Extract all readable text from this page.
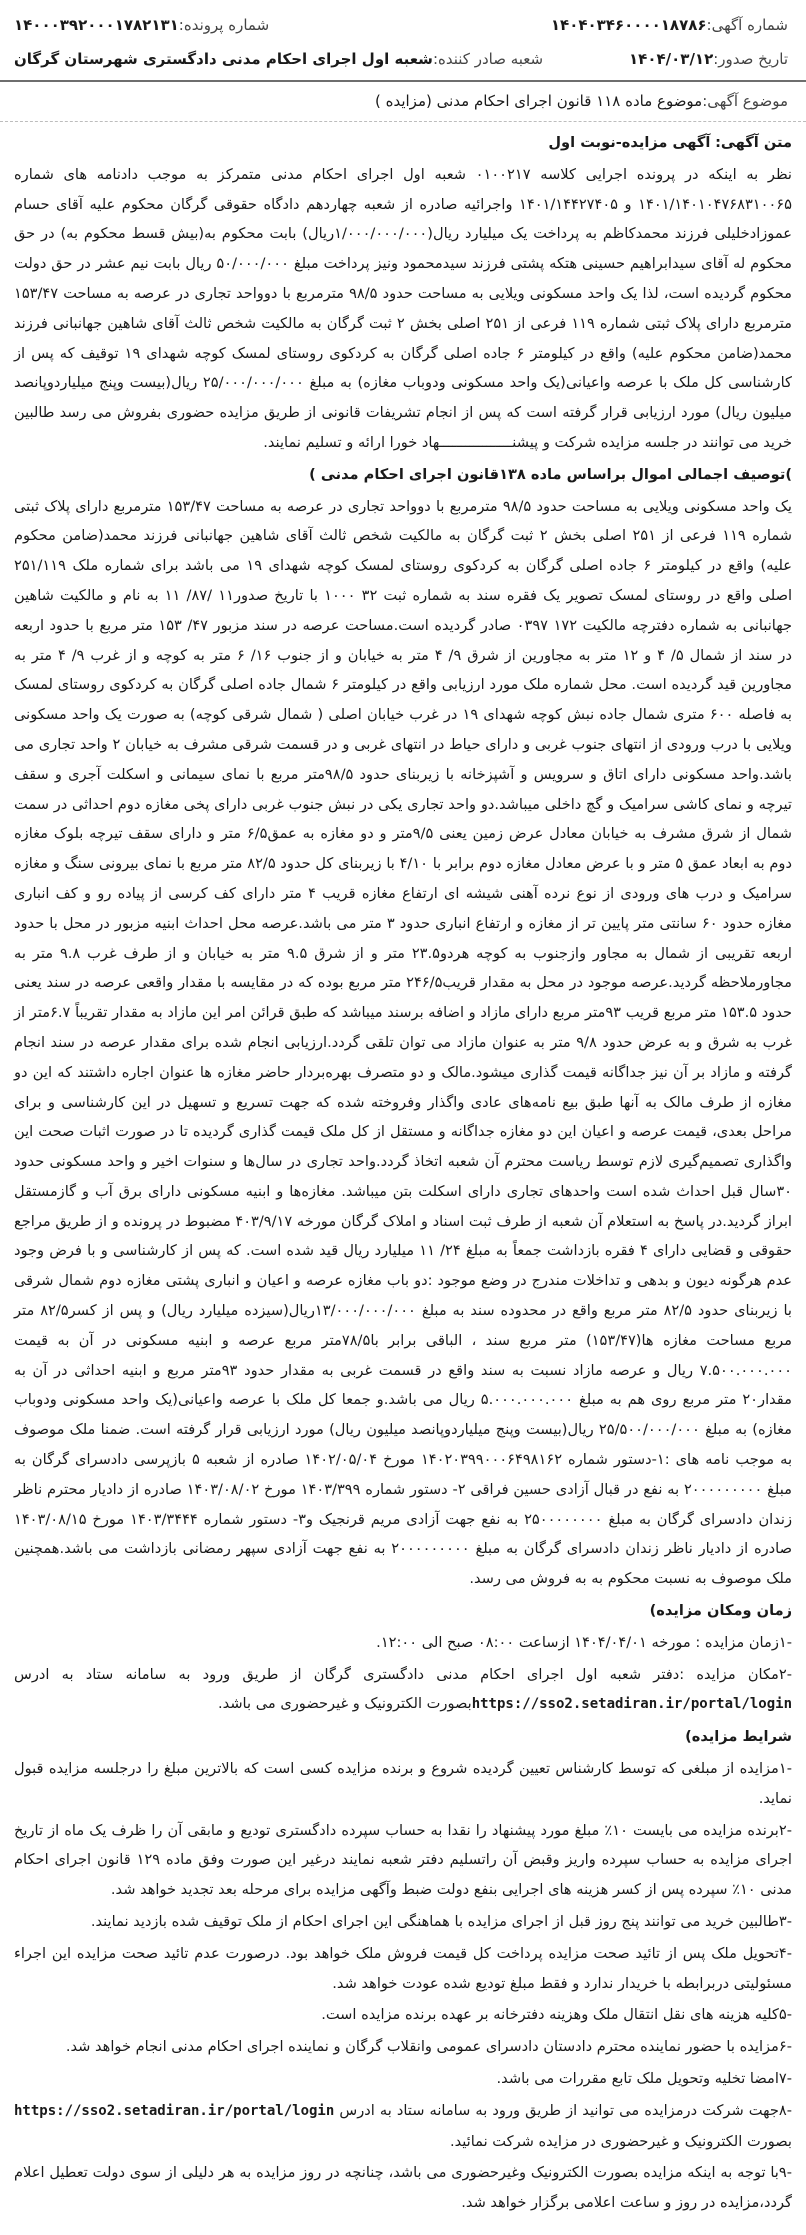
شماره آگهی:
۱۴۰۴۰۳۴۶۰۰۰۰۱۸۷۸۶
شماره پرونده:
۱۴۰۰۰۳۹۲۰۰۰۱۷۸۲۱۳۱
تاریخ صدور:
۱۴۰۴/۰۳/۱۲
شعبه صادر کننده:
شعبه اول اجرای احکام مدنی دادگستری شهرستان گرگان
موضوع آگهی:
موضوع ماده ۱۱۸ قانون اجرای احکام مدنی (مزایده )

متن آگهی: آگهی مزایده-نوبت اول

نظر به اینکه در پرونده اجرایی کلاسه ۰۱۰۰۲۱۷ شعبه اول اجرای احکام مدنی متمرکز به موجب دادنامه های شماره ۱۴۰۱/۱۴۰۱۰۴۷۶۸۳۱۰۰۶۵ و ۱۴۰۱/۱۴۴۲۷۴۰۵ واجرائیه صادره از شعبه چهاردهم دادگاه حقوقی گرگان محکوم علیه آقای حسام عموزادخلیلی فرزند محمدکاظم به پرداخت یک میلیارد ریال(۱/۰۰۰/۰۰۰/۰۰۰ریال) بابت محکوم به(بیش قسط محکوم به) در حق محکوم له آقای سیدابراهیم حسینی هتکه پشتی فرزند سیدمحمود ونیز پرداخت مبلغ ۵۰/۰۰۰/۰۰۰ ریال بابت نیم عشر در حق دولت محکوم گردیده است، لذا یک واحد مسکونی ویلایی به مساحت حدود ۹۸/۵ مترمربع با دوواحد تجاری در عرصه به مساحت ۱۵۳/۴۷ مترمربع دارای پلاک ثبتی شماره ۱۱۹ فرعی از ۲۵۱ اصلی بخش ۲ ثبت گرگان به مالکیت شخص ثالث آقای شاهین جهانبانی فرزند محمد(ضامن محکوم علیه) واقع در کیلومتر ۶ جاده اصلی گرگان به کردکوی روستای لمسک کوچه شهدای ۱۹ توقیف که پس از کارشناسی کل ملک با عرصه واعیانی(یک واحد مسکونی ودوباب مغازه) به مبلغ ۲۵/۰۰۰/۰۰۰/۰۰۰ ریال(بیست وپنج میلیاردوپانصد میلیون ریال) مورد ارزیابی قرار گرفته است که پس از انجام تشریفات قانونی از طریق مزایده حضوری بفروش می رسد طالبین خرید می توانند در جلسه مزایده شرکت و پیشنـــــــــــــــــهاد خورا ارائه و تسلیم نمایند.

)توصیف اجمالی اموال براساس ماده ۱۳۸قانون اجرای احکام مدنی )

یک واحد مسکونی ویلایی به مساحت حدود ۹۸/۵ مترمربع با دوواحد تجاری در عرصه به مساحت ۱۵۳/۴۷ مترمربع دارای پلاک ثبتی شماره ۱۱۹ فرعی از ۲۵۱ اصلی بخش ۲ ثبت گرگان به مالکیت شخص ثالث آقای شاهین جهانبانی فرزند محمد(ضامن محکوم علیه) واقع در کیلومتر ۶ جاده اصلی گرگان به کردکوی روستای لمسک کوچه شهدای ۱۹ می باشد برای شماره ملک ۲۵۱/۱۱۹ اصلی واقع در روستای لمسک تصویر یک فقره سند به شماره ثبت ۳۲ ۱۰۰۰ با تاریخ صدور۱۱ /۸۷/ ۱۱ به نام و مالکیت شاهین جهانبانی به شماره دفترچه مالکیت ۱۷۲ ۰۳۹۷ صادر گردیده است.مساحت عرصه در سند مزبور ۴۷/ ۱۵۳ متر مربع با حدود اربعه در سند از شمال ۵/ ۴ و ۱۲ متر به مجاورین از شرق ۹/ ۴ متر به خیابان و از جنوب ۱۶/ ۶ متر به کوچه و از غرب ۹/ ۴ متر به مجاورین قید گردیده است. محل شماره ملک مورد ارزیابی واقع در کیلومتر ۶ شمال جاده اصلی گرگان به کردکوی روستای لمسک به فاصله ۶۰۰ متری شمال جاده نبش کوچه شهدای ۱۹ در غرب خیابان اصلی ( شمال شرقی کوچه) به صورت یک واحد مسکونی ویلایی با درب ورودی از انتهای جنوب غربی و دارای حیاط در انتهای غربی و در قسمت شرقی مشرف به خیابان ۲ واحد تجاری می باشد.واحد مسکونی دارای اتاق و سرویس و آشپزخانه با زیربنای حدود ۹۸/۵متر مربع با نمای سیمانی و اسکلت آجری و سقف تیرچه و نمای کاشی سرامیک و گچ داخلی میباشد.دو واحد تجاری یکی در نبش جنوب غربی دارای پخی مغازه دوم احداثی در سمت شمال از شرق مشرف به خیابان معادل عرض زمین یعنی ۹/۵متر و دو مغازه به عمق۶/۵ متر و دارای سقف تیرچه بلوک مغازه دوم به ابعاد عمق ۵ متر و با عرض معادل مغازه دوم برابر با ۴/۱۰ با زیربنای کل حدود ۸۲/۵ متر مربع با نمای بیرونی سنگ و مغازه سرامیک و درب های ورودی از نوع نرده آهنی شیشه ای ارتفاع مغازه قریب ۴ متر دارای کف کرسی از پیاده رو و کف انباری مغازه حدود ۶۰ سانتی متر پایین تر از مغازه و ارتفاع انباری حدود ۳ متر می باشد.عرصه محل احداث ابنیه مزبور در محل با حدود اربعه تقریبی از شمال به مجاور وازجنوب به کوچه هردو۲۳.۵ متر و از شرق ۹.۵ متر به خیابان و از طرف غرب ۹.۸ متر به مجاورملاحظه گردید.عرصه موجود در محل به مقدار قریب۲۴۶/۵ متر مربع بوده که در مقایسه با مقدار واقعی عرصه در سند یعنی حدود ۱۵۳.۵ متر مربع قریب ۹۳متر مربع دارای مازاد و اضافه برسند میباشد که طبق قرائن امر این مازاد به مقدار تقریباً ۶.۷متر از غرب به شرق و به عرض حدود ۹/۸ متر به عنوان مازاد می توان تلقی گردد.ارزیابی انجام شده برای مقدار عرصه در سند انجام گرفته و مازاد بر آن نیز جداگانه قیمت گذاری میشود.مالک و دو متصرف بهره‌بردار حاضر مغازه ها عنوان اجاره داشتند که این دو مغازه از طرف مالک به آنها طبق بیع نامه‌های عادی واگذار وفروخته شده که جهت تسریع و تسهیل در این کارشناسی و برای مراحل بعدی، قیمت عرصه و اعیان این دو مغازه جداگانه و مستقل از کل ملک قیمت گذاری گردیده تا در صورت اثبات صحت این واگذاری تصمیم‌گیری لازم توسط ریاست محترم آن شعبه اتخاذ گردد.واحد تجاری در سال‌ها و سنوات اخیر و واحد مسکونی حدود ۳۰سال قبل احداث شده است واحدهای تجاری دارای اسکلت بتن میباشد. مغازه‌ها و ابنیه مسکونی دارای برق آب و گازمستقل ابراز گردید.در پاسخ به استعلام آن شعبه از طرف ثبت اسناد و املاک گرگان مورخه ۴۰۳/۹/۱۷ مضبوط در پرونده و از طریق مراجع حقوقی و قضایی دارای ۴ فقره بازداشت جمعاً به مبلغ ۲۴/ ۱۱ میلیارد ریال قید شده است. که پس از کارشناسی و با فرض وجود عدم هرگونه دیون و بدهی و تداخلات مندرج در وضع موجود :دو باب مغازه عرصه و اعیان و انباری پشتی مغازه دوم شمال شرقی با زیربنای حدود ۸۲/۵ متر مربع واقع در محدوده سند به مبلغ ۱۳/۰۰۰/۰۰۰/۰۰۰ریال(سیزده میلیارد ریال) و پس از کسر۸۲/۵ متر مربع مساحت مغازه ها(۱۵۳/۴۷) متر مربع سند ، الباقی برابر با۷۸/۵متر مربع عرصه و ابنیه مسکونی در آن به قیمت ۷.۵۰۰.۰۰۰.۰۰۰ ریال و عرصه مازاد نسبت به سند واقع در قسمت غربی به مقدار حدود ۹۳متر مربع و ابنیه احداثی در آن به مقدار۲۰ متر مربع روی هم به مبلغ ۵.۰۰۰.۰۰۰.۰۰۰ ریال می باشد.و جمعا کل ملک با عرصه واعیانی(یک واحد مسکونی ودوباب مغازه) به مبلغ ۲۵/۵۰۰/۰۰۰/۰۰۰ ریال(بیست وپنج میلیاردوپانصد میلیون ریال) مورد ارزیابی قرار گرفته است. ضمنا ملک موصوف به موجب نامه های :۱-دستور شماره ۱۴۰۲۰۳۹۹۰۰۰۶۴۹۸۱۶۲ مورخ ۱۴۰۲/۰۵/۰۴ صادره از شعبه ۵ بازپرسی دادسرای گرگان به مبلغ ۲۰۰۰۰۰۰۰۰۰ به نفع در قبال آزادی حسین فراقی ۲- دستور شماره ۱۴۰۳/۳۹۹ مورخ ۱۴۰۳/۰۸/۰۲ صادره از دادیار محترم ناظر زندان دادسرای گرگان به مبلغ ۲۵۰۰۰۰۰۰۰۰ به نفع جهت آزادی مریم قرنجیک و۳- دستور شماره ۱۴۰۳/۳۴۴۴ مورخ ۱۴۰۳/۰۸/۱۵ صادره از دادیار ناظر زندان دادسرای گرگان به مبلغ ۲۰۰۰۰۰۰۰۰۰ به نفع جهت آزادی سپهر رمضانی بازداشت می باشد.همچنین ملک موصوف به نسبت محکوم به به فروش می رسد.

زمان ومکان مزایده)

-۱زمان مزایده : مورخه ۱۴۰۴/۰۴/۰۱ ازساعت ۰۸:۰۰ صبح الی ۱۲:۰۰.

-۲مکان مزایده :دفتر شعبه اول اجرای احکام مدنی دادگستری گرگان از طریق ورود به سامانه ستاد به ادرس https://sso2.setadiran.ir/portal/loginبصورت الکترونیک و غیرحضوری می باشد.

شرایط مزایده)

-۱مزایده از مبلغی که توسط کارشناس تعیین گردیده شروع و برنده مزایده کسی است که بالاترین مبلغ را درجلسه مزایده قبول نماید.

-۲برنده مزایده می بایست ۱۰٪ مبلغ مورد پیشنهاد را نقدا به حساب سپرده دادگستری تودیع و مابقی آن را ظرف یک ماه از تاریخ اجرای مزایده به حساب سپرده واریز وقبض آن راتسلیم دفتر شعبه نمایند درغیر این صورت وفق ماده ۱۲۹ قانون اجرای احکام مدنی ۱۰٪ سپرده پس از کسر هزینه های اجرایی بنفع دولت ضبط وآگهی مزایده برای مرحله بعد تجدید خواهد شد.

-۳طالبین خرید می توانند پنج روز قبل از اجرای مزایده با هماهنگی این اجرای احکام از ملک توقیف شده بازدید نمایند.

-۴تحویل ملک پس از تائید صحت مزایده پرداخت کل قیمت فروش ملک خواهد بود. درصورت عدم تائید صحت مزایده این اجراء مسئولیتی دربرابطه با خریدار ندارد و فقط مبلغ تودیع شده عودت خواهد شد.

-۵کلیه هزینه های نقل انتقال ملک وهزینه دفترخانه بر عهده برنده مزایده است.

-۶مزایده با حضور نماینده محترم دادستان دادسرای عمومی وانقلاب گرگان و نماینده اجرای احکام مدنی انجام خواهد شد.

-۷امضا تخلیه وتحویل ملک تابع مقررات می باشد.

-۸جهت شرکت درمزایده می توانید از طریق ورود به سامانه ستاد به ادرس https://sso2.setadiran.ir/portal/login بصورت الکترونیک و غیرحضوری در مزایده شرکت نمائید.

-۹با توجه به اینکه مزایده بصورت الکترونیک وغیرحضوری می باشد، چنانچه در روز مزایده به هر دلیلی از سوی دولت تعطیل اعلام گردد،مزایده در روز و ساعت اعلامی برگزار خواهد شد.
